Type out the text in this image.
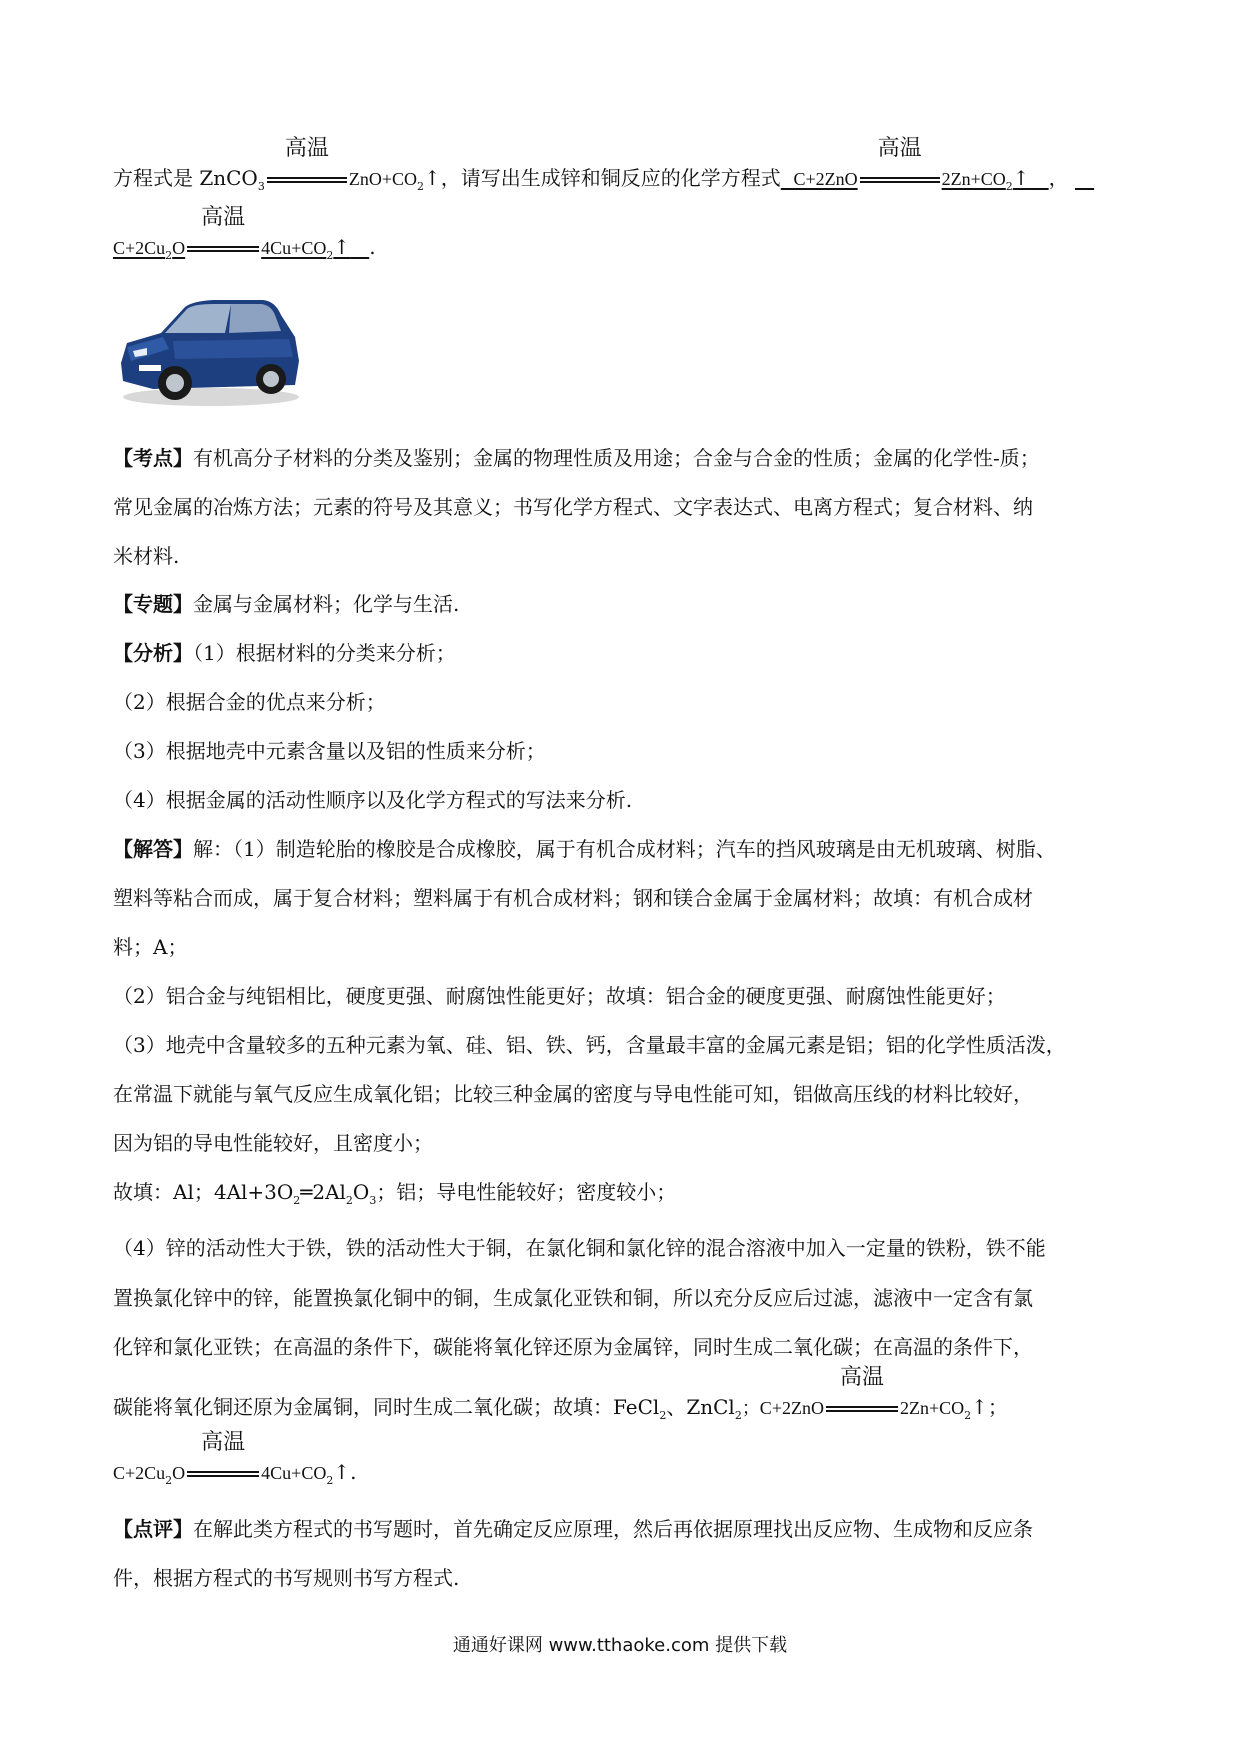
方程式是 ZnCO$_3$
高温
$ZnO+CO_2↑$，请写出生成锌和铜反应的化学方程式 C+2ZnO
高温
$2Zn+CO_2↑$ ，
$C+2Cu_2O$
高温
$4Cu+CO_2↑$ .
【考点】有机高分子材料的分类及鉴别；金属的物理性质及用途；合金与合金的性质；金属的化学性-质；
常见金属的冶炼方法；元素的符号及其意义；书写化学方程式、文字表达式、电离方程式；复合材料、纳
米材料.
【专题】金属与金属材料；化学与生活.
【分析】（1）根据材料的分类来分析；
（2）根据合金的优点来分析；
（3）根据地壳中元素含量以及铝的性质来分析；
（4）根据金属的活动性顺序以及化学方程式的写法来分析.
【解答】解：（1）制造轮胎的橡胶是合成橡胶，属于有机合成材料；汽车的挡风玻璃是由无机玻璃、树脂、
塑料等粘合而成，属于复合材料；塑料属于有机合成材料；钢和镁合金属于金属材料；故填：有机合成材
料；A；
（2）铝合金与纯铝相比，硬度更强、耐腐蚀性能更好；故填：铝合金的硬度更强、耐腐蚀性能更好；
（3）地壳中含量较多的五种元素为氧、硅、铝、铁、钙，含量最丰富的金属元素是铝；铝的化学性质活泼，
在常温下就能与氧气反应生成氧化铝；比较三种金属的密度与导电性能可知，铝做高压线的材料比较好，
因为铝的导电性能较好，且密度小；
故填：Al；$4Al+3O_2═2Al_2O_3$；铝；导电性能较好；密度较小；
（4）锌的活动性大于铁，铁的活动性大于铜，在氯化铜和氯化锌的混合溶液中加入一定量的铁粉，铁不能
置换氯化锌中的锌，能置换氯化铜中的铜，生成氯化亚铁和铜，所以充分反应后过滤，滤液中一定含有氯
化锌和氯化亚铁；在高温的条件下，碳能将氧化锌还原为金属锌，同时生成二氧化碳；在高温的条件下，
碳能将氧化铜还原为金属铜，同时生成二氧化碳；故填：FeCl$_2$、ZnCl$_2$；C+2ZnO
高温
$2Zn+CO_2↑$；
$C+2Cu_2O$
高温
$4Cu+CO_2↑$.
【点评】在解此类方程式的书写题时，首先确定反应原理，然后再依据原理找出反应物、生成物和反应条
件，根据方程式的书写规则书写方程式.
通通好课网 www.tthaoke.com 提供下载
